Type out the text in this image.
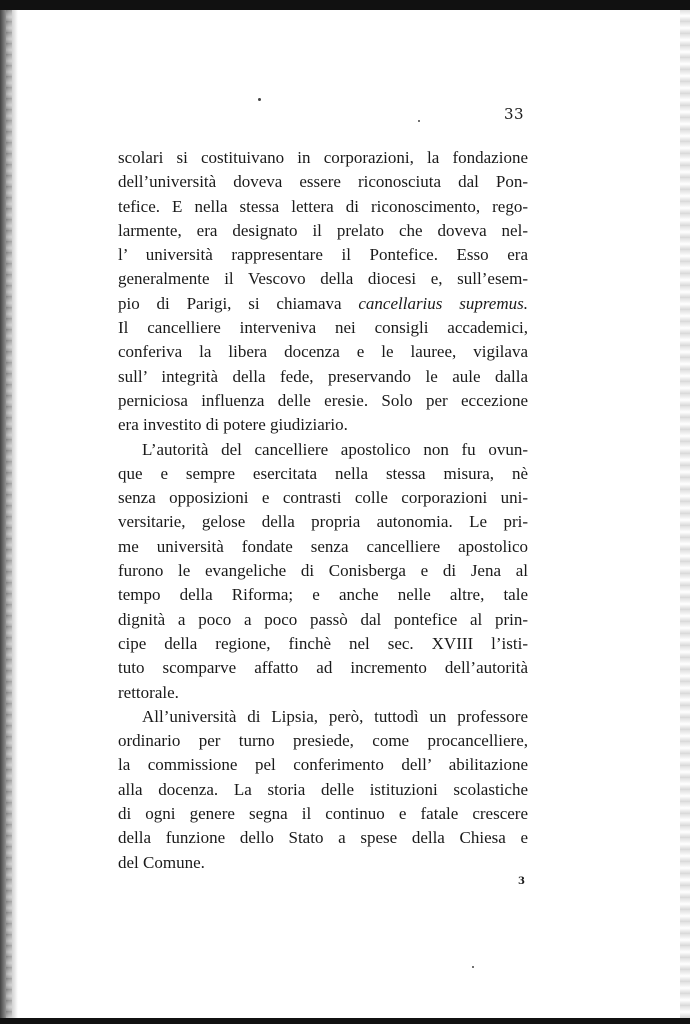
33
scolari si costituivano in corporazioni, la fondazione
dell’università doveva essere riconosciuta dal Pon-
tefice. E nella stessa lettera di riconoscimento, rego-
larmente, era designato il prelato che doveva nel-
l’ università rappresentare il Pontefice. Esso era
generalmente il Vescovo della diocesi e, sull’esem-
pio di Parigi, si chiamava cancellarius supremus.
Il cancelliere interveniva nei consigli accademici,
conferiva la libera docenza e le lauree, vigilava
sull’ integrità della fede, preservando le aule dalla
perniciosa influenza delle eresie. Solo per eccezione
era investito di potere giudiziario.
L’autorità del cancelliere apostolico non fu ovun-
que e sempre esercitata nella stessa misura, nè
senza opposizioni e contrasti colle corporazioni uni-
versitarie, gelose della propria autonomia. Le pri-
me università fondate senza cancelliere apostolico
furono le evangeliche di Conisberga e di Jena al
tempo della Riforma; e anche nelle altre, tale
dignità a poco a poco passò dal pontefice al prin-
cipe della regione, finchè nel sec. XVIII l’isti-
tuto scomparve affatto ad incremento dell’autorità
rettorale.
All’università di Lipsia, però, tuttodì un professore
ordinario per turno presiede, come procancelliere,
la commissione pel conferimento dell’ abilitazione
alla docenza. La storia delle istituzioni scolastiche
di ogni genere segna il continuo e fatale crescere
della funzione dello Stato a spese della Chiesa e
del Comune.
3
